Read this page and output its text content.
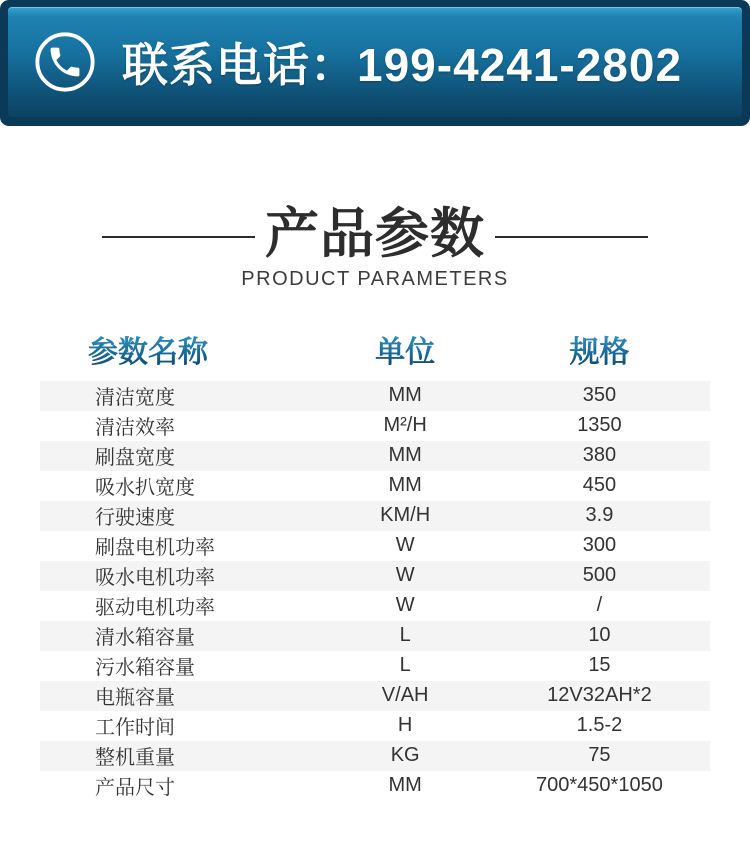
联系电话：199-4241-2802
产品参数
PRODUCT PARAMETERS
参数名称	单位	规格
清洁宽度	MM	350
清洁效率	M²/H	1350
刷盘宽度	MM	380
吸水扒宽度	MM	450
行驶速度	KM/H	3.9
刷盘电机功率	W	300
吸水电机功率	W	500
驱动电机功率	W	/
清水箱容量	L	10
污水箱容量	L	15
电瓶容量	V/AH	12V32AH*2
工作时间	H	1.5-2
整机重量	KG	75
产品尺寸	MM	700*450*1050
